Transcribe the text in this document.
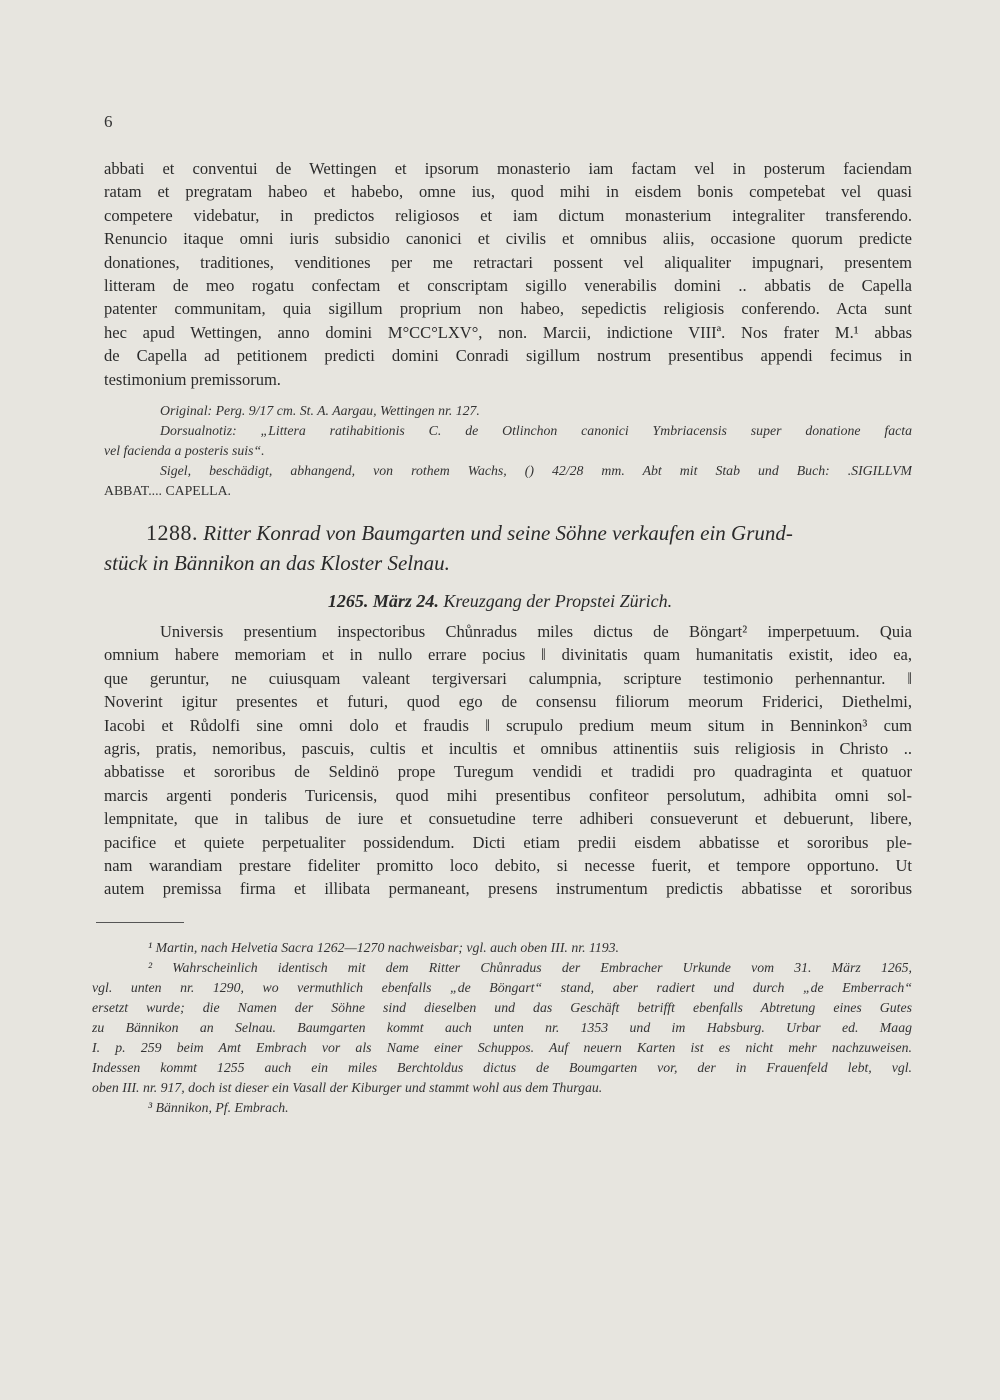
6
abbati et conventui de Wettingen et ipsorum monasterio iam factam vel in posterum faciendam
ratam et pregratam habeo et habebo, omne ius, quod mihi in eisdem bonis competebat vel quasi
competere videbatur, in predictos religiosos et iam dictum monasterium integraliter transferendo.
Renuncio itaque omni iuris subsidio canonici et civilis et omnibus aliis, occasione quorum predicte
donationes, traditiones, venditiones per me retractari possent vel aliqualiter impugnari, presentem
litteram de meo rogatu confectam et conscriptam sigillo venerabilis domini .. abbatis de Capella
patenter communitam, quia sigillum proprium non habeo, sepedictis religiosis conferendo. Acta sunt
hec apud Wettingen, anno domini M°CC°LXV°, non. Marcii, indictione VIIIª. Nos frater M.¹ abbas
de Capella ad petitionem predicti domini Conradi sigillum nostrum presentibus appendi fecimus in
testimonium premissorum.
Original: Perg. 9/17 cm. St. A. Aargau, Wettingen nr. 127.
Dorsualnotiz: „Littera ratihabitionis C. de Otlinchon canonici Ymbriacensis super donatione facta
vel facienda a posteris suis“.
Sigel, beschädigt, abhangend, von rothem Wachs, () 42/28 mm. Abt mit Stab und Buch: .SIGILLVM
ABBAT.... CAPELLA.
1288. Ritter Konrad von Baumgarten und seine Söhne verkaufen ein Grund-
stück in Bännikon an das Kloster Selnau.
1265. März 24. Kreuzgang der Propstei Zürich.
Universis presentium inspectoribus Chůnradus miles dictus de Böngart² imperpetuum. Quia
omnium habere memoriam et in nullo errare pocius ‖ divinitatis quam humanitatis existit, ideo ea,
que geruntur, ne cuiusquam valeant tergiversari calumpnia, scripture testimonio perhennantur. ‖
Noverint igitur presentes et futuri, quod ego de consensu filiorum meorum Friderici, Diethelmi,
Iacobi et Růdolfi sine omni dolo et fraudis ‖ scrupulo predium meum situm in Benninkon³ cum
agris, pratis, nemoribus, pascuis, cultis et incultis et omnibus attinentiis suis religiosis in Christo ..
abbatisse et sororibus de Seldinö prope Turegum vendidi et tradidi pro quadraginta et quatuor
marcis argenti ponderis Turicensis, quod mihi presentibus confiteor persolutum, adhibita omni sol-
lempnitate, que in talibus de iure et consuetudine terre adhiberi consueverunt et debuerunt, libere,
pacifice et quiete perpetualiter possidendum. Dicti etiam predii eisdem abbatisse et sororibus ple-
nam warandiam prestare fideliter promitto loco debito, si necesse fuerit, et tempore opportuno. Ut
autem premissa firma et illibata permaneant, presens instrumentum predictis abbatisse et sororibus
¹ Martin, nach Helvetia Sacra 1262—1270 nachweisbar; vgl. auch oben III. nr. 1193.
² Wahrscheinlich identisch mit dem Ritter Chůnradus der Embracher Urkunde vom 31. März 1265,
vgl. unten nr. 1290, wo vermuthlich ebenfalls „de Böngart“ stand, aber radiert und durch „de Emberrach“
ersetzt wurde; die Namen der Söhne sind dieselben und das Geschäft betrifft ebenfalls Abtretung eines Gutes
zu Bännikon an Selnau. Baumgarten kommt auch unten nr. 1353 und im Habsburg. Urbar ed. Maag
I. p. 259 beim Amt Embrach vor als Name einer Schuppos. Auf neuern Karten ist es nicht mehr nachzuweisen.
Indessen kommt 1255 auch ein miles Berchtoldus dictus de Boumgarten vor, der in Frauenfeld lebt, vgl.
oben III. nr. 917, doch ist dieser ein Vasall der Kiburger und stammt wohl aus dem Thurgau.
³ Bännikon, Pf. Embrach.
